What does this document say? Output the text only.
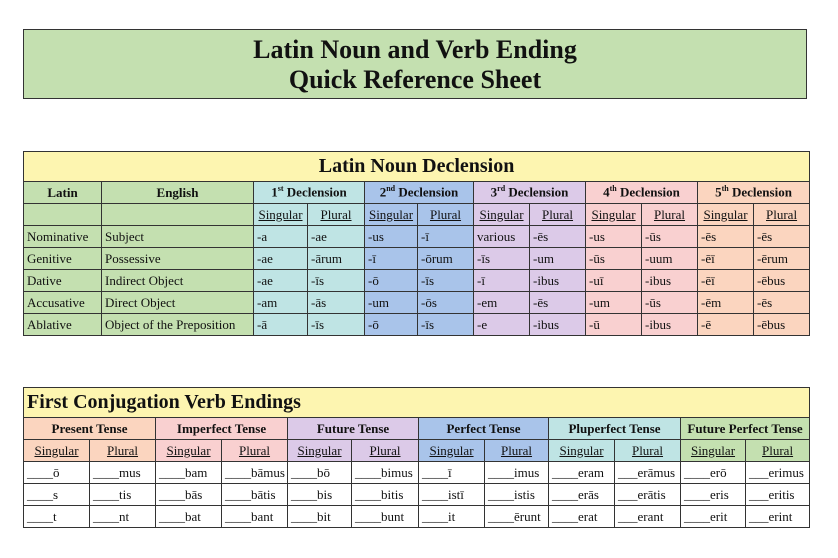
Latin Noun and Verb Ending
Quick Reference Sheet
Latin Noun Declension											
Latin	English	1st Declension		2nd Declension		3rd Declension		4th Declension		5th Declension	
		Singular	Plural	Singular	Plural	Singular	Plural	Singular	Plural	Singular	Plural
Nominative	Subject	-a	-ae	-us	-ī	various	-ēs	-us	-ūs	-ēs	-ēs
Genitive	Possessive	-ae	-ārum	-ī	-ōrum	-īs	-um	-ūs	-uum	-ēī	-ērum
Dative	Indirect Object	-ae	-īs	-ō	-īs	-ī	-ibus	-uī	-ibus	-ēī	-ēbus
Accusative	Direct Object	-am	-ās	-um	-ōs	-em	-ēs	-um	-ūs	-ēm	-ēs
Ablative	Object of the Preposition	-ā	-īs	-ō	-īs	-e	-ibus	-ū	-ibus	-ē	-ēbus
First Conjugation Verb Endings											
Present Tense		Imperfect Tense		Future Tense		Perfect Tense		Pluperfect Tense		Future Perfect Tense	
Singular	Plural	Singular	Plural	Singular	Plural	Singular	Plural	Singular	Plural	Singular	Plural
____ō	____mus	____bam	____bāmus	____bō	____bimus	____ī	____imus	____eram	___erāmus	____erō	___erimus
____s	____tis	____bās	____bātis	____bis	____bitis	____istī	____istis	____erās	___erātis	____eris	___eritis
____t	____nt	____bat	____bant	____bit	____bunt	____it	____ērunt	____erat	___erant	____erit	___erint
